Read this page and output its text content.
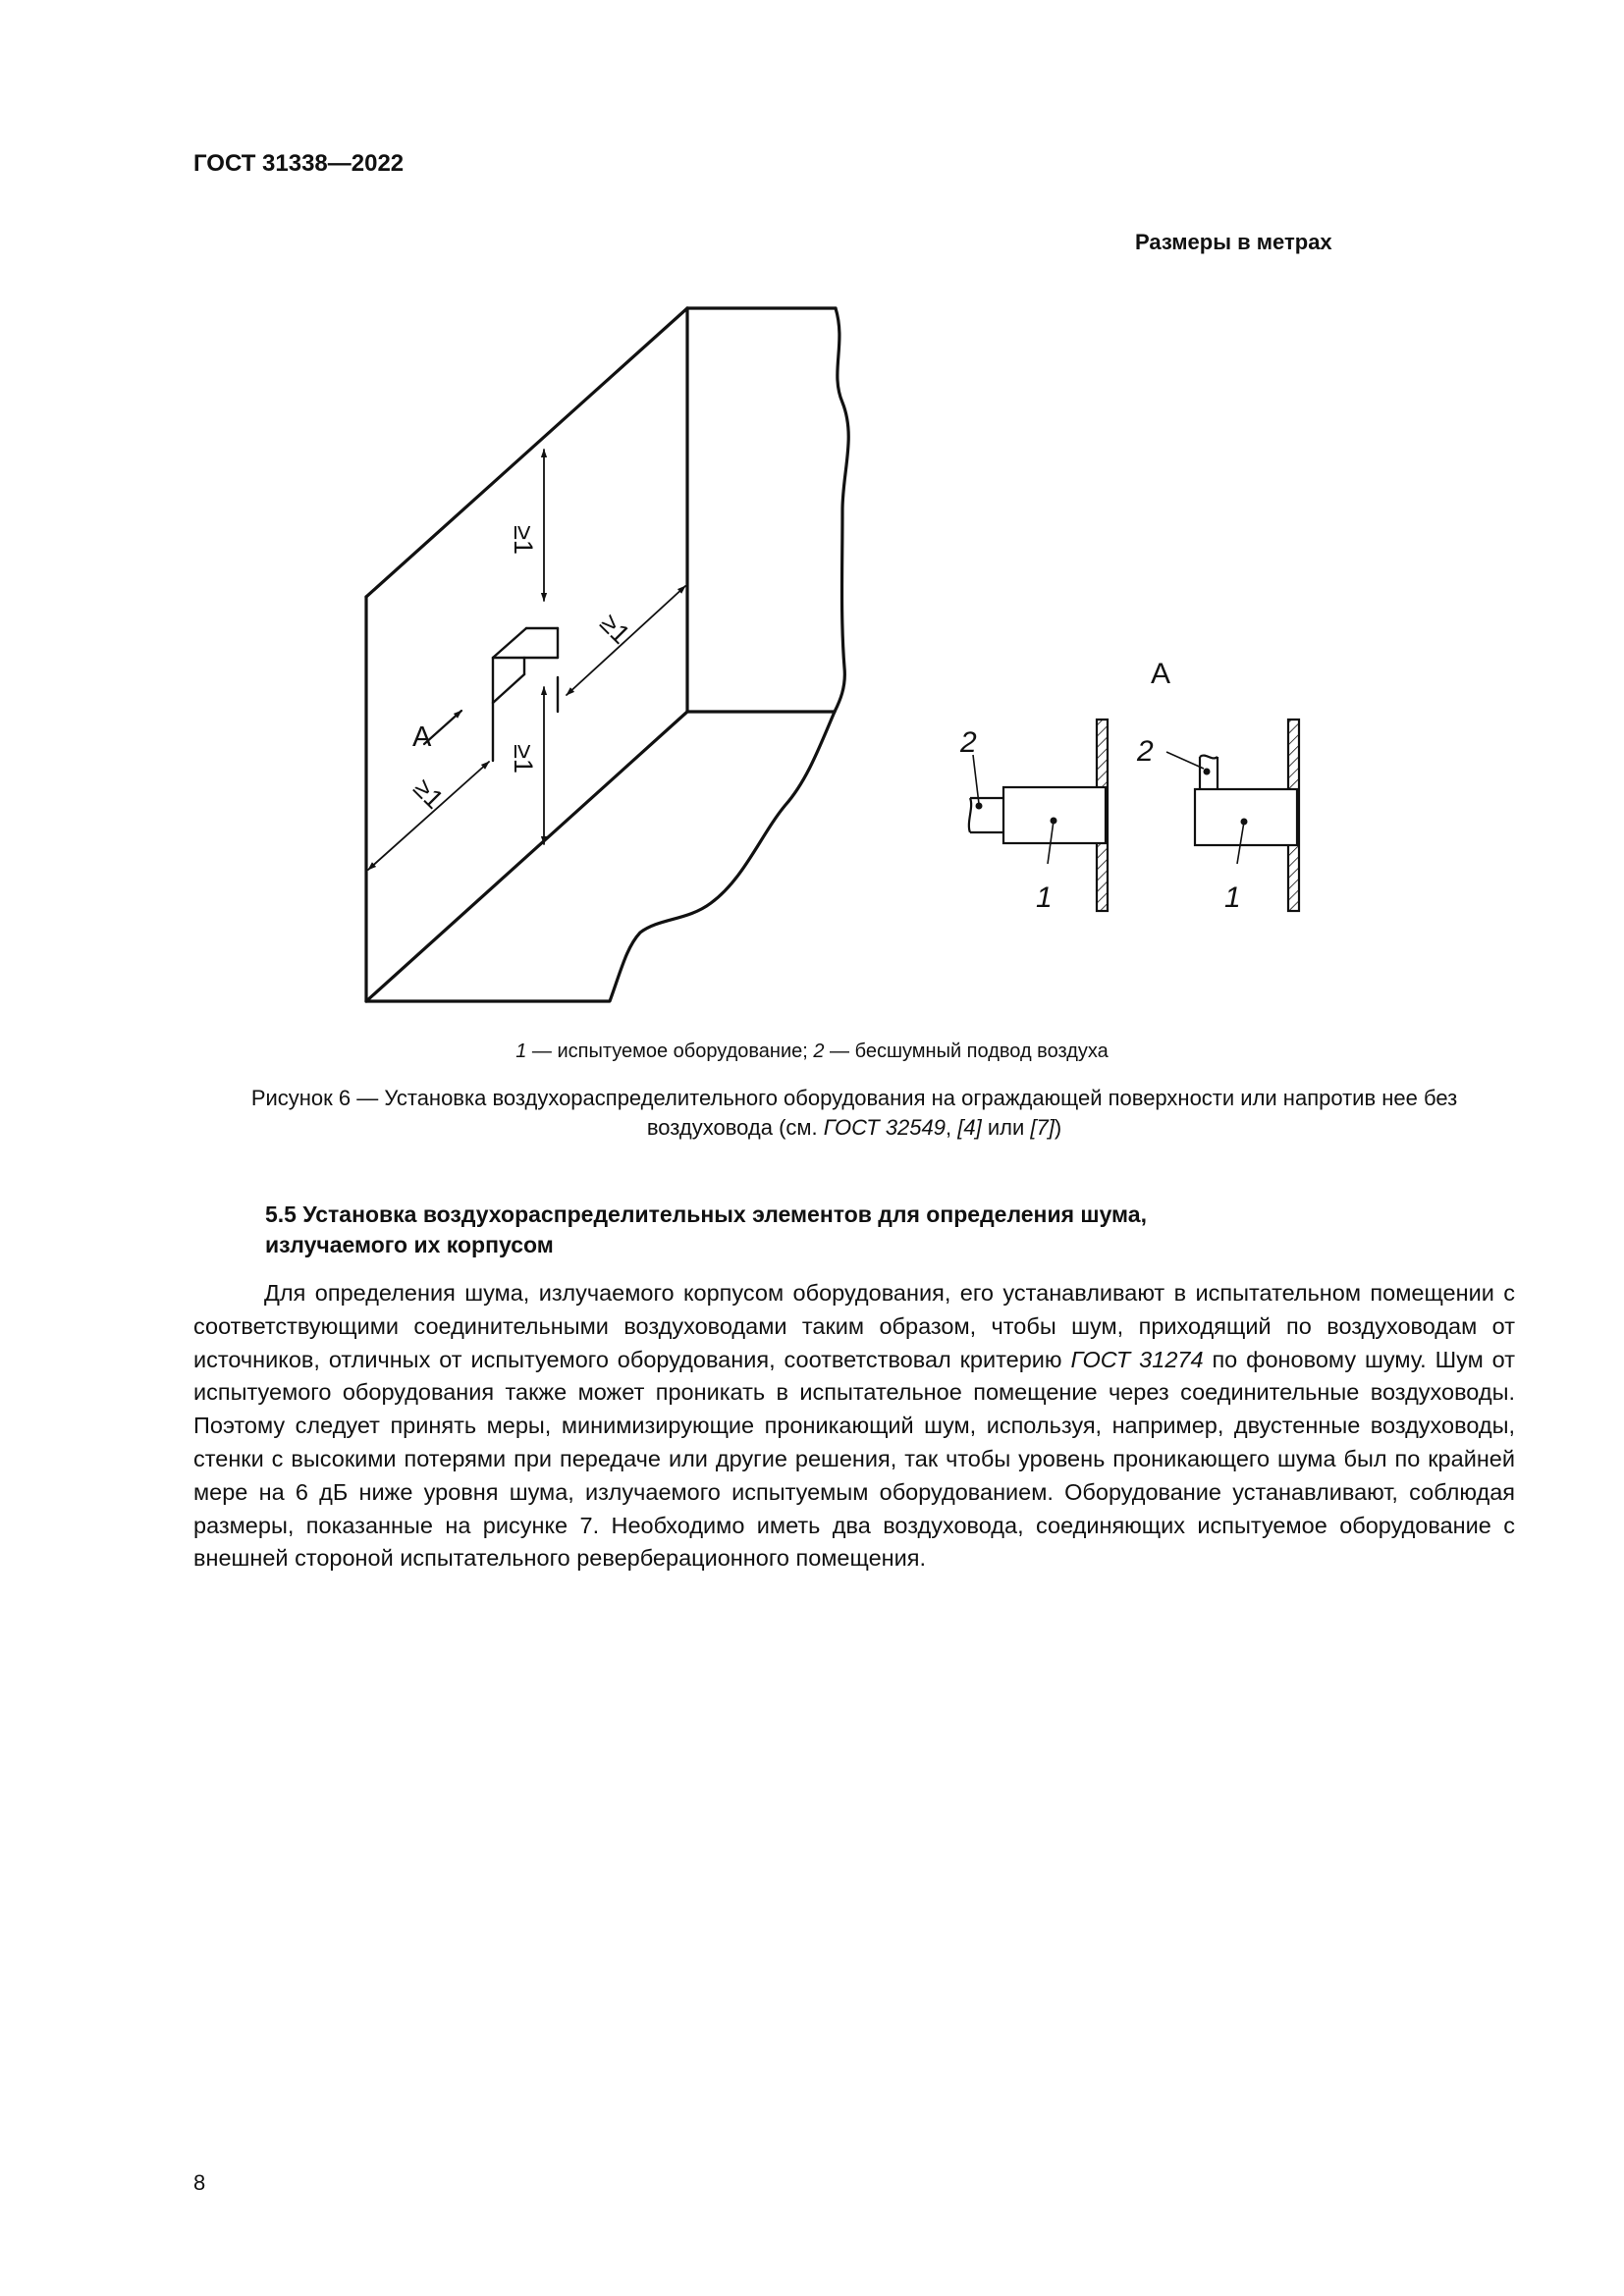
ГОСТ 31338—2022
Размеры в метрах
≥1
≥1
≥1
≥1
А
А
2
1
2
1
1 — испытуемое оборудование; 2 — бесшумный подвод воздуха
Рисунок 6 — Установка воздухораспределительного оборудования на ограждающей поверхности или напротив нее без воздуховода (см. ГОСТ 32549, [4] или [7])
5.5 Установка воздухораспределительных элементов для определения шума,
излучаемого их корпусом

Для определения шума, излучаемого корпусом оборудования, его устанавливают в испытательном помещении с соответствующими соединительными воздуховодами таким образом, чтобы шум, приходящий по воздуховодам от источников, отличных от испытуемого оборудования, соответствовал критерию ГОСТ 31274 по фоновому шуму. Шум от испытуемого оборудования также может проникать в испытательное помещение через соединительные воздуховоды. Поэтому следует принять меры, минимизирующие проникающий шум, используя, например, двустенные воздуховоды, стенки с высокими потерями при передаче или другие решения, так чтобы уровень проникающего шума был по крайней мере на 6 дБ ниже уровня шума, излучаемого испытуемым оборудованием. Оборудование устанавливают, соблюдая размеры, показанные на рисунке 7. Необходимо иметь два воздуховода, соединяющих испытуемое оборудование с внешней стороной испытательного реверберационного помещения.

8
